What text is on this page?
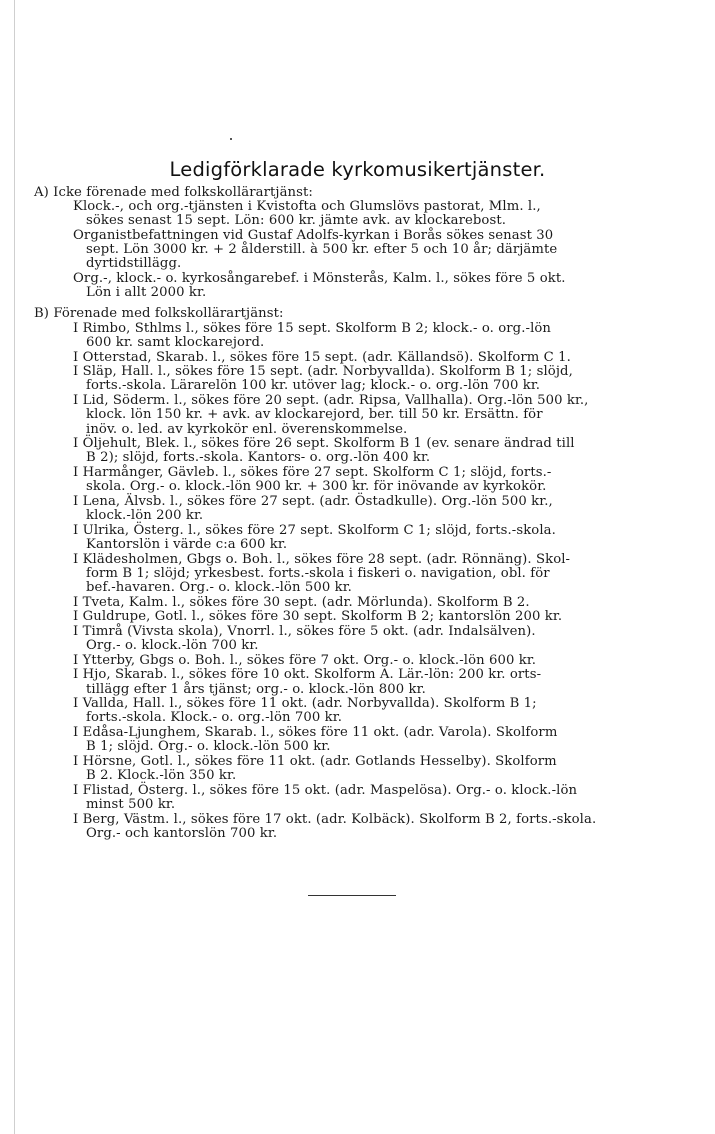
Ledigförklarade kyrkomusikertjänster.
A) Icke förenade med folkskollärartjänst:
Klock.-, och org.-tjänsten i Kvistofta och Glumslövs pastorat, Mlm. l.,
sökes senast 15 sept. Lön: 600 kr. jämte avk. av klockarebost.
Organistbefattningen vid Gustaf Adolfs-kyrkan i Borås sökes senast 30
sept. Lön 3000 kr. + 2 ålderstill. à 500 kr. efter 5 och 10 år; därjämte
dyrtidstillägg.
Org.-, klock.- o. kyrkosångarebef. i Mönsterås, Kalm. l., sökes före 5 okt.
Lön i allt 2000 kr.
B) Förenade med folkskollärartjänst:
I Rimbo, Sthlms l., sökes före 15 sept. Skolform B 2; klock.- o. org.-lön
600 kr. samt klockarejord.
I Otterstad, Skarab. l., sökes före 15 sept. (adr. Källandsö). Skolform C 1.
I Släp, Hall. l., sökes före 15 sept. (adr. Norbyvallda). Skolform B 1; slöjd,
forts.-skola. Lärarelön 100 kr. utöver lag; klock.- o. org.-lön 700 kr.
I Lid, Söderm. l., sökes före 20 sept. (adr. Ripsa, Vallhalla). Org.-lön 500 kr.,
klock. lön 150 kr. + avk. av klockarejord, ber. till 50 kr. Ersättn. för
inöv. o. led. av kyrkokör enl. överenskommelse.
I Öljehult, Blek. l., sökes före 26 sept. Skolform B 1 (ev. senare ändrad till
B 2); slöjd, forts.-skola. Kantors- o. org.-lön 400 kr.
I Harmånger, Gävleb. l., sökes före 27 sept. Skolform C 1; slöjd, forts.-
skola. Org.- o. klock.-lön 900 kr. + 300 kr. för inövande av kyrkokör.
I Lena, Älvsb. l., sökes före 27 sept. (adr. Östadkulle). Org.-lön 500 kr.,
klock.-lön 200 kr.
I Ulrika, Österg. l., sökes före 27 sept. Skolform C 1; slöjd, forts.-skola.
Kantorslön i värde c:a 600 kr.
I Klädesholmen, Gbgs o. Boh. l., sökes före 28 sept. (adr. Rönnäng). Skol-
form B 1; slöjd; yrkesbest. forts.-skola i fiskeri o. navigation, obl. för
bef.-havaren. Org.- o. klock.-lön 500 kr.
I Tveta, Kalm. l., sökes före 30 sept. (adr. Mörlunda). Skolform B 2.
I Guldrupe, Gotl. l., sökes före 30 sept. Skolform B 2; kantorslön 200 kr.
I Timrå (Vivsta skola), Vnorrl. l., sökes före 5 okt. (adr. Indalsälven).
Org.- o. klock.-lön 700 kr.
I Ytterby, Gbgs o. Boh. l., sökes före 7 okt. Org.- o. klock.-lön 600 kr.
I Hjo, Skarab. l., sökes före 10 okt. Skolform A. Lär.-lön: 200 kr. orts-
tillägg efter 1 års tjänst; org.- o. klock.-lön 800 kr.
I Vallda, Hall. l., sökes före 11 okt. (adr. Norbyvallda). Skolform B 1;
forts.-skola. Klock.- o. org.-lön 700 kr.
I Edåsa-Ljunghem, Skarab. l., sökes före 11 okt. (adr. Varola). Skolform
B 1; slöjd. Org.- o. klock.-lön 500 kr.
I Hörsne, Gotl. l., sökes före 11 okt. (adr. Gotlands Hesselby). Skolform
B 2. Klock.-lön 350 kr.
I Flistad, Österg. l., sökes före 15 okt. (adr. Maspelösa). Org.- o. klock.-lön
minst 500 kr.
I Berg, Västm. l., sökes före 17 okt. (adr. Kolbäck). Skolform B 2, forts.-skola.
Org.- och kantorslön 700 kr.
